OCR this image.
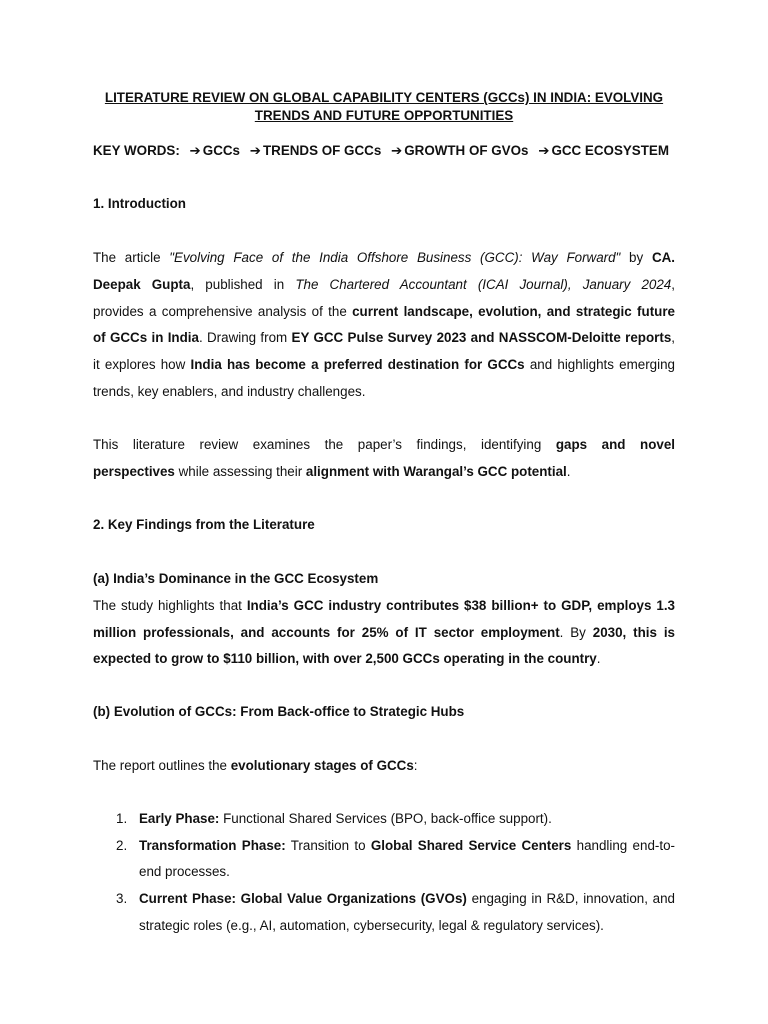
LITERATURE REVIEW ON GLOBAL CAPABILITY CENTERS (GCCs) IN INDIA: EVOLVING
TRENDS AND FUTURE OPPORTUNITIES
KEY WORDS: ➔ GCCs ➔ TRENDS OF GCCs ➔ GROWTH OF GVOs ➔ GCC ECOSYSTEM
1. Introduction
The article "Evolving Face of the India Offshore Business (GCC): Way Forward" by CA.
Deepak Gupta, published in The Chartered Accountant (ICAI Journal), January 2024,
provides a comprehensive analysis of the current landscape, evolution, and strategic future
of GCCs in India. Drawing from EY GCC Pulse Survey 2023 and NASSCOM-Deloitte reports,
it explores how India has become a preferred destination for GCCs and highlights emerging
trends, key enablers, and industry challenges.
This literature review examines the paper’s findings, identifying gaps and novel
perspectives while assessing their alignment with Warangal’s GCC potential.
2. Key Findings from the Literature
(a) India’s Dominance in the GCC Ecosystem
The study highlights that India’s GCC industry contributes $38 billion+ to GDP, employs 1.3
million professionals, and accounts for 25% of IT sector employment. By 2030, this is
expected to grow to $110 billion, with over 2,500 GCCs operating in the country.
(b) Evolution of GCCs: From Back-office to Strategic Hubs
The report outlines the evolutionary stages of GCCs:
1. Early Phase: Functional Shared Services (BPO, back-office support).
2. Transformation Phase: Transition to Global Shared Service Centers handling end-to-
end processes.
3. Current Phase: Global Value Organizations (GVOs) engaging in R&D, innovation, and
strategic roles (e.g., AI, automation, cybersecurity, legal & regulatory services).
